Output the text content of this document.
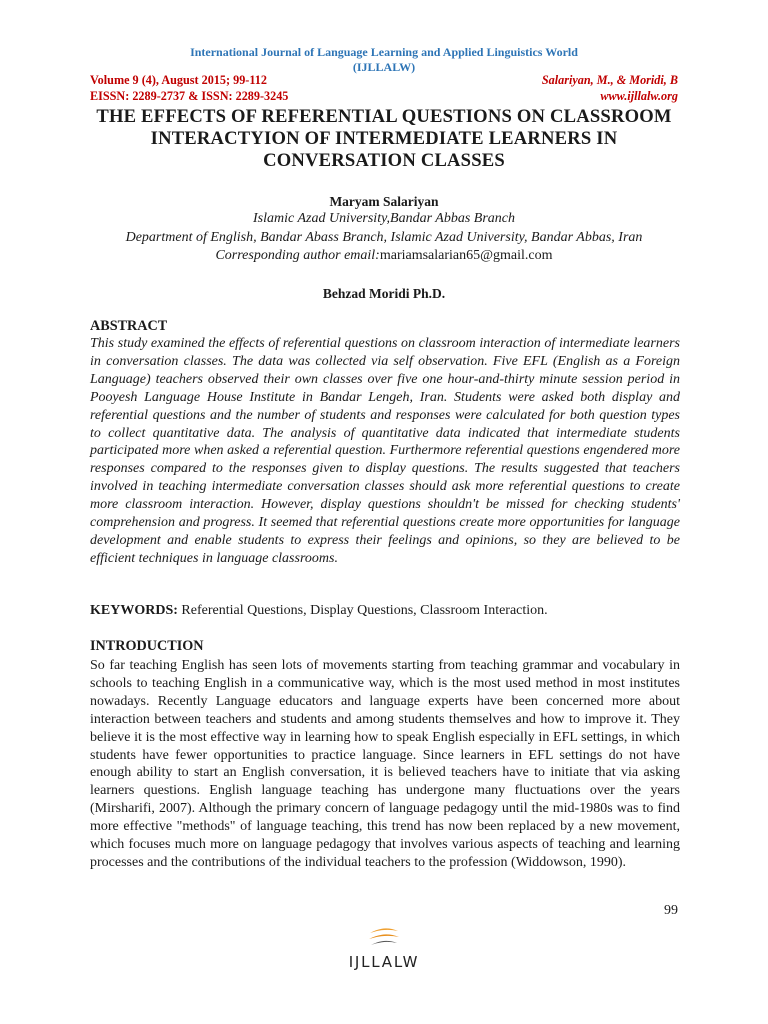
International Journal of Language Learning and Applied Linguistics World
(IJLLALW)
Volume 9 (4), August 2015; 99-112	Salariyan, M., & Moridi, B
EISSN: 2289-2737 & ISSN: 2289-3245	www.ijllalw.org
THE EFFECTS OF REFERENTIAL QUESTIONS ON CLASSROOM INTERACTYION OF INTERMEDIATE LEARNERS IN CONVERSATION CLASSES
Maryam Salariyan
Islamic Azad University,Bandar Abbas Branch
Department of English, Bandar Abass Branch, Islamic Azad University, Bandar Abbas, Iran
Corresponding author email:mariamsalarian65@gmail.com
Behzad Moridi Ph.D.
ABSTRACT

This study examined the effects of referential questions on classroom interaction of intermediate learners in conversation classes. The data was collected via self observation. Five EFL (English as a Foreign Language) teachers observed their own classes over five one hour-and-thirty minute session period in Pooyesh Language House Institute in Bandar Lengeh, Iran. Students were asked both display and referential questions and the number of students and responses were calculated for both question types to collect quantitative data. The analysis of quantitative data indicated that intermediate students participated more when asked a referential question. Furthermore referential questions engendered more responses compared to the responses given to display questions. The results suggested that teachers involved in teaching intermediate conversation classes should ask more referential questions to create more classroom interaction. However, display questions shouldn't be missed for checking students' comprehension and progress. It seemed that referential questions create more opportunities for language development and enable students to express their feelings and opinions, so they are believed to be efficient techniques in language classrooms.

KEYWORDS: Referential Questions, Display Questions, Classroom Interaction.

INTRODUCTION

So far teaching English has seen lots of movements starting from teaching grammar and vocabulary in schools to teaching English in a communicative way, which is the most used method in most institutes nowadays. Recently Language educators and language experts have been concerned more about interaction between teachers and students and among students themselves and how to improve it. They believe it is the most effective way in learning how to speak English especially in EFL settings, in which students have fewer opportunities to practice language. Since learners in EFL settings do not have enough ability to start an English conversation, it is believed teachers have to initiate that via asking learners questions. English language teaching has undergone many fluctuations over the years (Mirsharifi, 2007). Although the primary concern of language pedagogy until the mid-1980s was to find more effective "methods" of language teaching, this trend has now been replaced by a new movement, which focuses much more on language pedagogy that involves various aspects of teaching and learning processes and the contributions of the individual teachers to the profession (Widdowson, 1990).

99
IJLLALW
